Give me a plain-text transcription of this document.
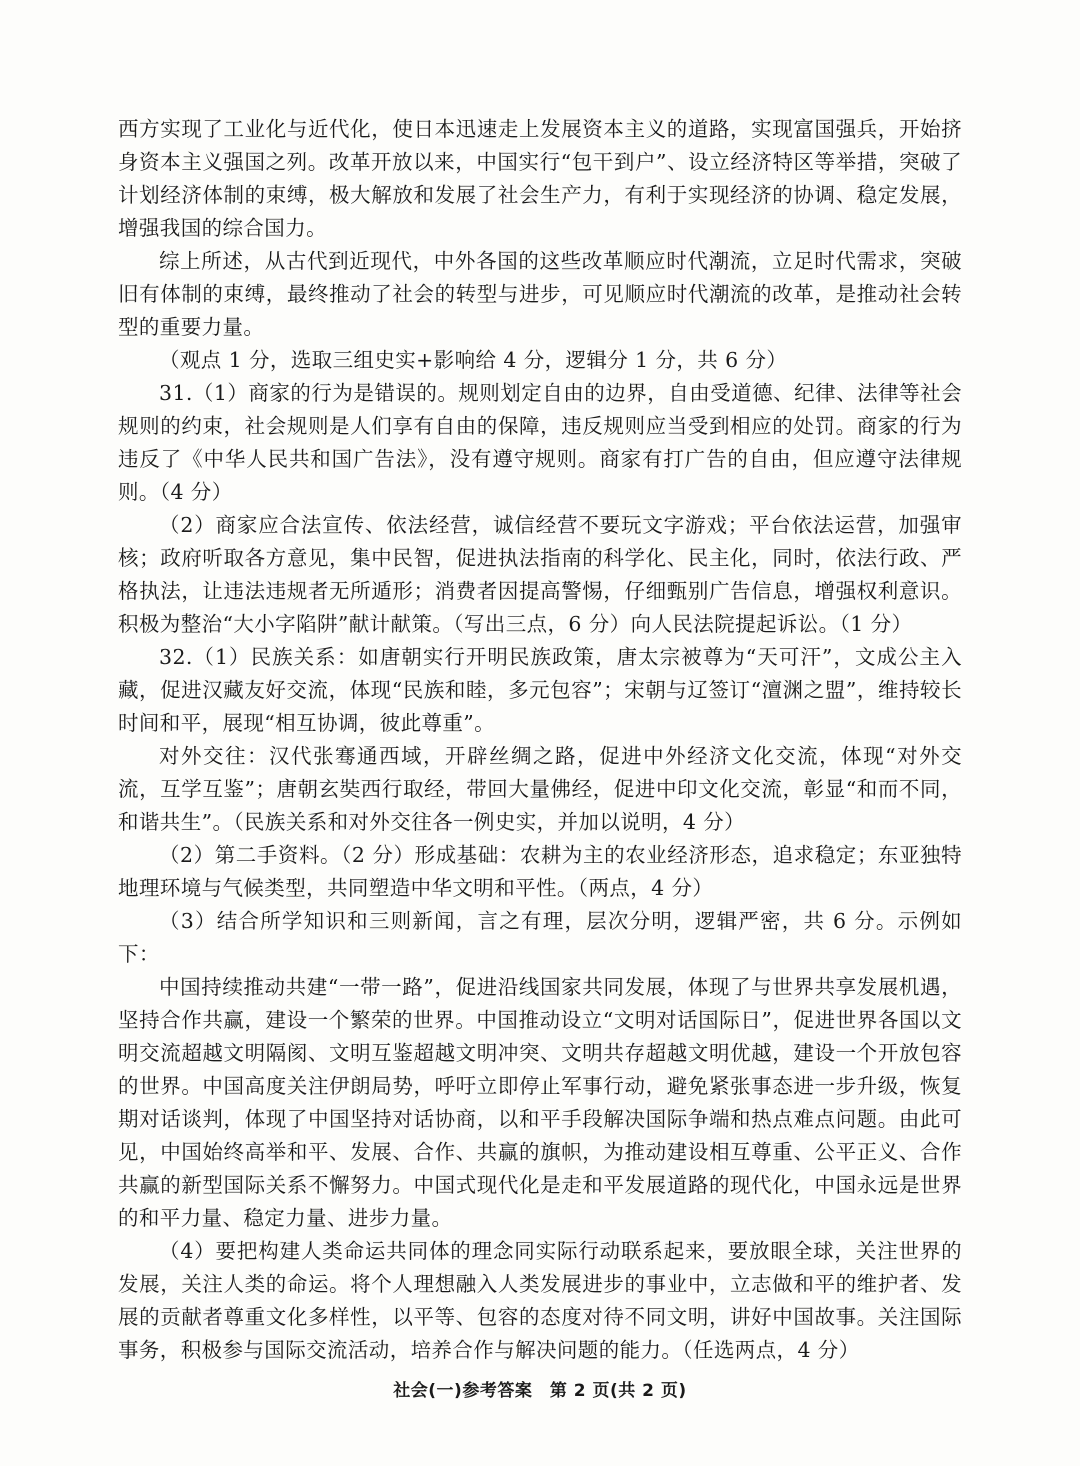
西方实现了工业化与近代化，使日本迅速走上发展资本主义的道路，实现富国强兵，开始挤身资本主义强国之列。改革开放以来，中国实行“包干到户”、设立经济特区等举措，突破了计划经济体制的束缚，极大解放和发展了社会生产力，有利于实现经济的协调、稳定发展，增强我国的综合国力。

综上所述，从古代到近现代，中外各国的这些改革顺应时代潮流，立足时代需求，突破旧有体制的束缚，最终推动了社会的转型与进步，可见顺应时代潮流的改革，是推动社会转型的重要力量。

（观点 1 分，选取三组史实+影响给 4 分，逻辑分 1 分，共 6 分）

31.（1）商家的行为是错误的。规则划定自由的边界，自由受道德、纪律、法律等社会规则的约束，社会规则是人们享有自由的保障，违反规则应当受到相应的处罚。商家的行为违反了《中华人民共和国广告法》，没有遵守规则。商家有打广告的自由，但应遵守法律规则。（4 分）

（2）商家应合法宣传、依法经营，诚信经营不要玩文字游戏；平台依法运营，加强审核；政府听取各方意见，集中民智，促进执法指南的科学化、民主化，同时，依法行政、严格执法，让违法违规者无所遁形；消费者因提高警惕，仔细甄别广告信息，增强权利意识。积极为整治“大小字陷阱”献计献策。（写出三点，6 分）向人民法院提起诉讼。（1 分）

32.（1）民族关系：如唐朝实行开明民族政策，唐太宗被尊为“天可汗”，文成公主入藏，促进汉藏友好交流，体现“民族和睦，多元包容”；宋朝与辽签订“澶渊之盟”，维持较长时间和平，展现“相互协调，彼此尊重”。

对外交往：汉代张骞通西域，开辟丝绸之路，促进中外经济文化交流，体现“对外交流，互学互鉴”；唐朝玄奘西行取经，带回大量佛经，促进中印文化交流，彰显“和而不同，和谐共生”。（民族关系和对外交往各一例史实，并加以说明，4 分）

（2）第二手资料。（2 分）形成基础：农耕为主的农业经济形态，追求稳定；东亚独特地理环境与气候类型，共同塑造中华文明和平性。（两点，4 分）

（3）结合所学知识和三则新闻，言之有理，层次分明，逻辑严密，共 6 分。示例如下：

中国持续推动共建“一带一路”，促进沿线国家共同发展，体现了与世界共享发展机遇，坚持合作共赢，建设一个繁荣的世界。中国推动设立“文明对话国际日”，促进世界各国以文明交流超越文明隔阂、文明互鉴超越文明冲突、文明共存超越文明优越，建设一个开放包容的世界。中国高度关注伊朗局势，呼吁立即停止军事行动，避免紧张事态进一步升级，恢复期对话谈判，体现了中国坚持对话协商，以和平手段解决国际争端和热点难点问题。由此可见，中国始终高举和平、发展、合作、共赢的旗帜，为推动建设相互尊重、公平正义、合作共赢的新型国际关系不懈努力。中国式现代化是走和平发展道路的现代化，中国永远是世界的和平力量、稳定力量、进步力量。

（4）要把构建人类命运共同体的理念同实际行动联系起来，要放眼全球，关注世界的发展，关注人类的命运。将个人理想融入人类发展进步的事业中，立志做和平的维护者、发展的贡献者尊重文化多样性，以平等、包容的态度对待不同文明，讲好中国故事。关注国际事务，积极参与国际交流活动，培养合作与解决问题的能力。（任选两点，4 分）

社会(一)参考答案　第 2 页(共 2 页)
